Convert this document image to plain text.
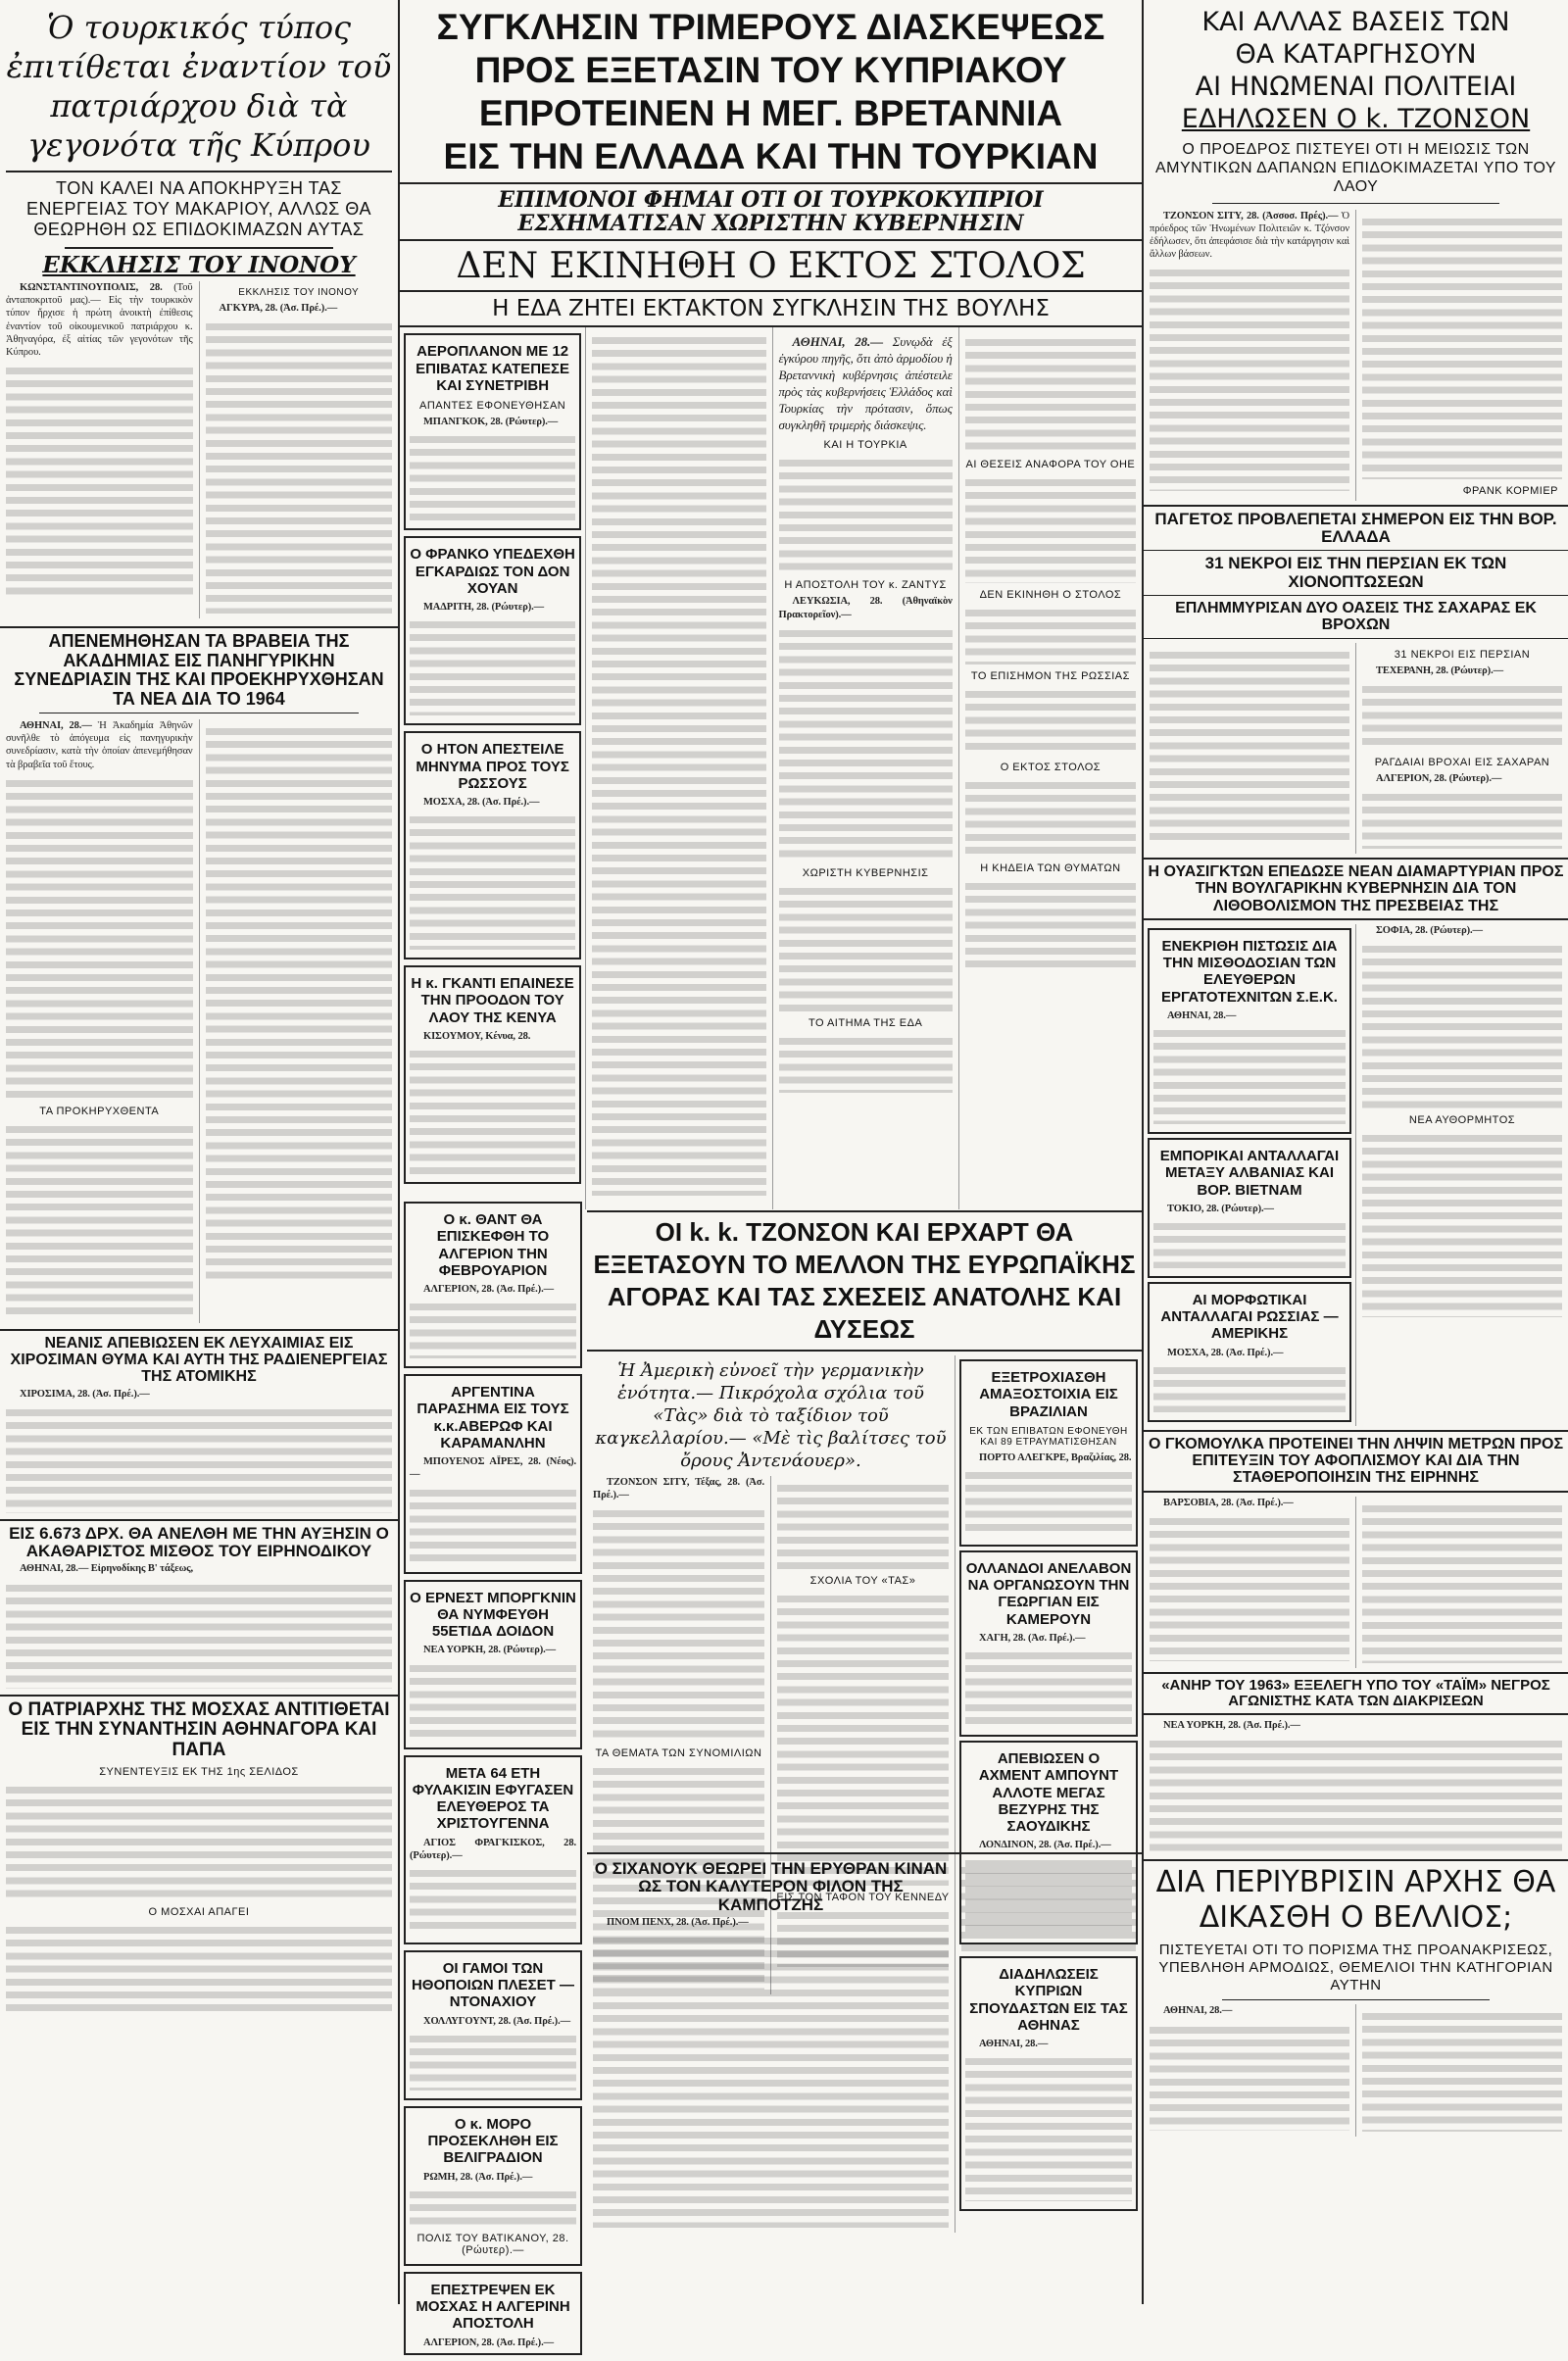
Ὁ τουρκικός τύπος ἐπιτίθεται ἐναντίον τοῦ πατριάρχου διὰ τὰ γεγονότα τῆς Κύπρου

ΤΟΝ ΚΑΛΕΙ ΝΑ ΑΠΟΚΗΡΥΞΗ ΤΑΣ ΕΝΕΡΓΕΙΑΣ ΤΟΥ ΜΑΚΑΡΙΟΥ, ΑΛΛΩΣ ΘΑ ΘΕΩΡΗΘΗ ΩΣ ΕΠΙΔΟΚΙΜΑΖΩΝ ΑΥΤΑΣ

ΕΚΚΛΗΣΙΣ ΤΟΥ ΙΝΟΝΟΥ

ΚΩΝΣΤΑΝΤΙΝΟΥΠΟΛΙΣ, 28. (Τοῦ ἀνταποκριτοῦ μας).— Εἰς τὴν τουρκικὸν τύπον ἤρχισε ἡ πρώτη ἀνοικτὴ ἐπίθεσις ἐναντίον τοῦ οἰκουμενικοῦ πατριάρχου κ. Ἀθηναγόρα, ἐξ αἰτίας τῶν γεγονότων τῆς Κύπρου.

ΕΚΚΛΗΣΙΣ ΤΟΥ ΙΝΟΝΟΥ

ΑΓΚΥΡΑ, 28. (Ἀσ. Πρέ.).—

ΑΠΕΝΕΜΗΘΗΣΑΝ ΤΑ ΒΡΑΒΕΙΑ ΤΗΣ ΑΚΑΔΗΜΙΑΣ ΕΙΣ ΠΑΝΗΓΥΡΙΚΗΝ ΣΥΝΕΔΡΙΑΣΙΝ ΤΗΣ ΚΑΙ ΠΡΟΕΚΗΡΥΧΘΗΣΑΝ ΤΑ ΝΕΑ ΔΙΑ ΤΟ 1964

ΑΘΗΝΑΙ, 28.— Ἡ Ἀκαδημία Ἀθηνῶν συνῆλθε τὸ ἀπόγευμα εἰς πανηγυρικὴν συνεδρίασιν, κατὰ τὴν ὁποίαν ἀπενεμήθησαν τὰ βραβεῖα τοῦ ἔτους.

ΤΑ ΠΡΟΚΗΡΥΧΘΕΝΤΑ

ΝΕΑΝΙΣ ΑΠΕΒΙΩΣΕΝ ΕΚ ΛΕΥΧΑΙΜΙΑΣ ΕΙΣ ΧΙΡΟΣΙΜΑΝ ΘΥΜΑ ΚΑΙ ΑΥΤΗ ΤΗΣ ΡΑΔΙΕΝΕΡΓΕΙΑΣ ΤΗΣ ΑΤΟΜΙΚΗΣ

ΧΙΡΟΣΙΜΑ, 28. (Ἀσ. Πρέ.).—

ΕΙΣ 6.673 ΔΡΧ. ΘΑ ΑΝΕΛΘΗ ΜΕ ΤΗΝ ΑΥΞΗΣΙΝ Ο ΑΚΑΘΑΡΙΣΤΟΣ ΜΙΣΘΟΣ ΤΟΥ ΕΙΡΗΝΟΔΙΚΟΥ

ΑΘΗΝΑΙ, 28.— Εἰρηνοδίκης Β' τάξεως,

Ο ΠΑΤΡΙΑΡΧΗΣ ΤΗΣ ΜΟΣΧΑΣ ΑΝΤΙΤΙΘΕΤΑΙ ΕΙΣ ΤΗΝ ΣΥΝΑΝΤΗΣΙΝ ΑΘΗΝΑΓΟΡΑ ΚΑΙ ΠΑΠΑ

ΣΥΝΕΝΤΕΥΞΙΣ ΕΚ ΤΗΣ 1ης ΣΕΛΙΔΟΣ

Ο ΜΟΣΧΑΙ ΑΠΑΓΕΙ

ΣΥΓΚΛΗΣΙΝ ΤΡΙΜΕΡΟΥΣ ΔΙΑΣΚΕΨΕΩΣ

ΠΡΟΣ ΕΞΕΤΑΣΙΝ ΤΟΥ ΚΥΠΡΙΑΚΟΥ

ΕΠΡΟΤΕΙΝΕΝ Η ΜΕΓ. ΒΡΕΤΑΝΝΙΑ

ΕΙΣ ΤΗΝ ΕΛΛΑΔΑ ΚΑΙ ΤΗΝ ΤΟΥΡΚΙΑΝ

ΕΠΙΜΟΝΟΙ ΦΗΜΑΙ ΟΤΙ ΟΙ ΤΟΥΡΚΟΚΥΠΡΙΟΙ

ΕΣΧΗΜΑΤΙΣΑΝ ΧΩΡΙΣΤΗΝ ΚΥΒΕΡΝΗΣΙΝ

ΔΕΝ ΕΚΙΝΗΘΗ Ο ΕΚΤΟΣ ΣΤΟΛΟΣ

Η ΕΔΑ ΖΗΤΕΙ ΕΚΤΑΚΤΟΝ ΣΥΓΚΛΗΣΙΝ ΤΗΣ ΒΟΥΛΗΣ

ΑΕΡΟΠΛΑΝΟΝ ΜΕ 12 ΕΠΙΒΑΤΑΣ ΚΑΤΕΠΕΣΕ ΚΑΙ ΣΥΝΕΤΡΙΒΗ

ΑΠΑΝΤΕΣ ΕΦΟΝΕΥΘΗΣΑΝ

ΜΠΑΝΓΚΟΚ, 28. (Ρώυτερ).—

Ο ΦΡΑΝΚΟ ΥΠΕΔΕΧΘΗ ΕΓΚΑΡΔΙΩΣ ΤΟΝ ΔΟΝ ΧΟΥΑΝ

ΜΑΔΡΙΤΗ, 28. (Ρώυτερ).—

Ο ΗΤΟΝ ΑΠΕΣΤΕΙΛΕ ΜΗΝΥΜΑ ΠΡΟΣ ΤΟΥΣ ΡΩΣΣΟΥΣ

ΜΟΣΧΑ, 28. (Ἀσ. Πρέ.).—

Η κ. ΓΚΑΝΤΙ ΕΠΑΙΝΕΣΕ ΤΗΝ ΠΡΟΟΔΟΝ ΤΟΥ ΛΑΟΥ ΤΗΣ ΚΕΝΥΑ

ΚΙΣΟΥΜΟΥ, Κένυα, 28.

ΑΘΗΝΑΙ, 28.— Συνῳδὰ ἐξ ἐγκύρου πηγῆς, ὅτι ἀπὸ ἀρμοδίου ἡ Βρεταννικὴ κυβέρνησις ἀπέστειλε πρὸς τὰς κυβερνήσεις Ἑλλάδος καὶ Τουρκίας τὴν πρότασιν, ὅπως συγκληθῆ τριμερὴς διάσκεψις.

ΚΑΙ Η ΤΟΥΡΚΙΑ

Η ΑΠΟΣΤΟΛΗ ΤΟΥ κ. ΖΑΝΤΥΣ

ΛΕΥΚΩΣΙΑ, 28. (Ἀθηναϊκὸν Πρακτορεῖον).—

ΧΩΡΙΣΤΗ ΚΥΒΕΡΝΗΣΙΣ

ΤΟ ΑΙΤΗΜΑ ΤΗΣ ΕΔΑ

ΑΙ ΘΕΣΕΙΣ ΑΝΑΦΟΡΑ ΤΟΥ ΟΗΕ

ΔΕΝ ΕΚΙΝΗΘΗ Ο ΣΤΟΛΟΣ

ΤΟ ΕΠΙΣΗΜΟΝ ΤΗΣ ΡΩΣΣΙΑΣ

Ο ΕΚΤΟΣ ΣΤΟΛΟΣ

Η ΚΗΔΕΙΑ ΤΩΝ ΘΥΜΑΤΩΝ

Ο κ. ΘΑΝΤ ΘΑ ΕΠΙΣΚΕΦΘΗ ΤΟ ΑΛΓΕΡΙΟΝ ΤΗΝ ΦΕΒΡΟΥΑΡΙΟΝ

ΑΛΓΕΡΙΟΝ, 28. (Ἀσ. Πρέ.).—

ΑΡΓΕΝΤΙΝΑ ΠΑΡΑΣΗΜΑ ΕΙΣ ΤΟΥΣ κ.κ.ΑΒΕΡΩΦ ΚΑΙ ΚΑΡΑΜΑΝΛΗΝ

ΜΠΟΥΕΝΟΣ ΑΪΡΕΣ, 28. (Νέος).—

Ο ΕΡΝΕΣΤ ΜΠΟΡΓΚΝΙΝ ΘΑ ΝΥΜΦΕΥΘΗ 55ΕΤΙΔΑ ΔΟΙΔΟΝ

ΝΕΑ ΥΟΡΚΗ, 28. (Ρώυτερ).—

ΜΕΤΑ 64 ΕΤΗ ΦΥΛΑΚΙΣΙΝ ΕΦΥΓΑΣΕΝ ΕΛΕΥΘΕΡΟΣ ΤΑ ΧΡΙΣΤΟΥΓΕΝΝΑ

ΑΓΙΟΣ ΦΡΑΓΚΙΣΚΟΣ, 28. (Ρώυτερ).—

ΟΙ ΓΑΜΟΙ ΤΩΝ ΗΘΟΠΟΙΩΝ ΠΛΕΣΕΤ — ΝΤΟΝΑΧΙΟΥ

ΧΟΛΛΥΓΟΥΝΤ, 28. (Ἀσ. Πρέ.).—

Ο κ. ΜΟΡΟ ΠΡΟΣΕΚΛΗΘΗ ΕΙΣ ΒΕΛΙΓΡΑΔΙΟΝ

ΡΩΜΗ, 28. (Ἀσ. Πρέ.).—

ΠΟΛΙΣ ΤΟΥ ΒΑΤΙΚΑΝΟΥ, 28. (Ρώυτερ).—

ΕΠΕΣΤΡΕΨΕΝ ΕΚ ΜΟΣΧΑΣ Η ΑΛΓΕΡΙΝΗ ΑΠΟΣΤΟΛΗ

ΑΛΓΕΡΙΟΝ, 28. (Ἀσ. Πρέ.).—

ΟΙ k. k. ΤΖΟΝΣΟΝ ΚΑΙ ΕΡΧΑΡΤ ΘΑ ΕΞΕΤΑΣΟΥΝ ΤΟ ΜΕΛΛΟΝ ΤΗΣ ΕΥΡΩΠΑΪΚΗΣ ΑΓΟΡΑΣ ΚΑΙ ΤΑΣ ΣΧΕΣΕΙΣ ΑΝΑΤΟΛΗΣ ΚΑΙ ΔΥΣΕΩΣ

Ἡ Ἀμερικὴ εὐνοεῖ τὴν γερμανικὴν ἑνότητα.— Πικρόχολα σχόλια τοῦ «Τὰς» διὰ τὸ ταξίδιον τοῦ καγκελλαρίου.— «Μὲ τὶς βαλίτσες τοῦ ὄρους Ἀντενάουερ».

ΤΖΟΝΣΟΝ ΣΙΤΥ, Τέξας, 28. (Ἀσ. Πρέ.).—

ΤΑ ΘΕΜΑΤΑ ΤΩΝ ΣΥΝΟΜΙΛΙΩΝ

ΣΧΟΛΙΑ ΤΟΥ «ΤΑΣ»

ΕΙΣ ΤΟΝ ΤΑΦΟΝ ΤΟΥ ΚΕΝΝΕΔΥ

ΕΞΕΤΡΟΧΙΑΣΘΗ ΑΜΑΞΟΣΤΟΙΧΙΑ ΕΙΣ ΒΡΑΖΙΛΙΑΝ

ΕΚ ΤΩΝ ΕΠΙΒΑΤΩΝ ΕΦΟΝΕΥΘΗ ΚΑΙ 89 ΕΤΡΑΥΜΑΤΙΣΘΗΣΑΝ

ΠΟΡΤΟ ΑΛΕΓΚΡΕ, Βραζιλίας, 28.

ΟΛΛΑΝΔΟΙ ΑΝΕΛΑΒΟΝ ΝΑ ΟΡΓΑΝΩΣΟΥΝ ΤΗΝ ΓΕΩΡΓΙΑΝ ΕΙΣ ΚΑΜΕΡΟΥΝ

ΧΑΓΗ, 28. (Ἀσ. Πρέ.).—

ΑΠΕΒΙΩΣΕΝ Ο ΑΧΜΕΝΤ ΑΜΠΟΥΝΤ ΑΛΛΟΤΕ ΜΕΓΑΣ ΒΕΖΥΡΗΣ ΤΗΣ ΣΑΟΥΔΙΚΗΣ

ΛΟΝΔΙΝΟΝ, 28. (Ἀσ. Πρέ.).—

Ο ΣΙΧΑΝΟΥΚ ΘΕΩΡΕΙ ΤΗΝ ΕΡΥΘΡΑΝ ΚΙΝΑΝ ΩΣ ΤΟΝ ΚΑΛΥΤΕΡΟΝ ΦΙΛΟΝ ΤΗΣ ΚΑΜΠΟΤΖΗΣ

ΠΝΟΜ ΠΕΝΧ, 28. (Ἀσ. Πρέ.).—

ΔΙΑΔΗΛΩΣΕΙΣ ΚΥΠΡΙΩΝ ΣΠΟΥΔΑΣΤΩΝ ΕΙΣ ΤΑΣ ΑΘΗΝΑΣ

ΑΘΗΝΑΙ, 28.—

ΚΑΙ ΑΛΛΑΣ ΒΑΣΕΙΣ ΤΩΝ

ΘΑ ΚΑΤΑΡΓΗΣΟΥΝ

ΑΙ ΗΝΩΜΕΝΑΙ ΠΟΛΙΤΕΙΑΙ

ΕΔΗΛΩΣΕΝ Ο k. ΤΖΟΝΣΟΝ

Ο ΠΡΟΕΔΡΟΣ ΠΙΣΤΕΥΕΙ ΟΤΙ Η ΜΕΙΩΣΙΣ ΤΩΝ ΑΜΥΝΤΙΚΩΝ ΔΑΠΑΝΩΝ ΕΠΙΔΟΚΙΜΑΖΕΤΑΙ ΥΠΟ ΤΟΥ ΛΑΟΥ

ΤΖΟΝΣΟΝ ΣΙΤΥ, 28. (Ἀσσοσ. Πρές).— Ὁ πρόεδρος τῶν Ἡνωμένων Πολιτειῶν κ. Τζόνσον ἐδήλωσεν, ὅτι ἀπεφάσισε διὰ τὴν κατάργησιν καὶ ἄλλων βάσεων.

ΦΡΑΝΚ ΚΟΡΜΙΕΡ

ΠΑΓΕΤΟΣ ΠΡΟΒΛΕΠΕΤΑΙ ΣΗΜΕΡΟΝ ΕΙΣ ΤΗΝ ΒΟΡ. ΕΛΛΑΔΑ

31 ΝΕΚΡΟΙ ΕΙΣ ΤΗΝ ΠΕΡΣΙΑΝ ΕΚ ΤΩΝ ΧΙΟΝΟΠΤΩΣΕΩΝ

ΕΠΛΗΜΜΥΡΙΣΑΝ ΔΥΟ ΟΑΣΕΙΣ ΤΗΣ ΣΑΧΑΡΑΣ ΕΚ ΒΡΟΧΩΝ

31 ΝΕΚΡΟΙ ΕΙΣ ΠΕΡΣΙΑΝ

ΤΕΧΕΡΑΝΗ, 28. (Ρώυτερ).—

ΡΑΓΔΑΙΑΙ ΒΡΟΧΑΙ ΕΙΣ ΣΑΧΑΡΑΝ

ΑΛΓΕΡΙΟΝ, 28. (Ρώυτερ).—

Η ΟΥΑΣΙΓΚΤΩΝ ΕΠΕΔΩΣΕ ΝΕΑΝ ΔΙΑΜΑΡΤΥΡΙΑΝ ΠΡΟΣ ΤΗΝ ΒΟΥΛΓΑΡΙΚΗΝ ΚΥΒΕΡΝΗΣΙΝ ΔΙΑ ΤΟΝ ΛΙΘΟΒΟΛΙΣΜΟΝ ΤΗΣ ΠΡΕΣΒΕΙΑΣ ΤΗΣ

ΕΝΕΚΡΙΘΗ ΠΙΣΤΩΣΙΣ ΔΙΑ ΤΗΝ ΜΙΣΘΟΔΟΣΙΑΝ ΤΩΝ ΕΛΕΥΘΕΡΩΝ ΕΡΓΑΤΟΤΕΧΝΙΤΩΝ Σ.Ε.Κ.

ΑΘΗΝΑΙ, 28.—

ΕΜΠΟΡΙΚΑΙ ΑΝΤΑΛΛΑΓΑΙ ΜΕΤΑΞΥ ΑΛΒΑΝΙΑΣ ΚΑΙ ΒΟΡ. ΒΙΕΤΝΑΜ

ΤΟΚΙΟ, 28. (Ρώυτερ).—

ΑΙ ΜΟΡΦΩΤΙΚΑΙ ΑΝΤΑΛΛΑΓΑΙ ΡΩΣΣΙΑΣ — ΑΜΕΡΙΚΗΣ

ΜΟΣΧΑ, 28. (Ἀσ. Πρέ.).—

ΣΟΦΙΑ, 28. (Ρώυτερ).—

ΝΕΑ ΑΥΘΟΡΜΗΤΟΣ

Ο ΓΚΟΜΟΥΛΚΑ ΠΡΟΤΕΙΝΕΙ ΤΗΝ ΛΗΨΙΝ ΜΕΤΡΩΝ ΠΡΟΣ ΕΠΙΤΕΥΞΙΝ ΤΟΥ ΑΦΟΠΛΙΣΜΟΥ ΚΑΙ ΔΙΑ ΤΗΝ ΣΤΑΘΕΡΟΠΟΙΗΣΙΝ ΤΗΣ ΕΙΡΗΝΗΣ

ΒΑΡΣΟΒΙΑ, 28. (Ἀσ. Πρέ.).—

«ΑΝΗΡ ΤΟΥ 1963» ΕΞΕΛΕΓΗ ΥΠΟ ΤΟΥ «ΤΑΪΜ» ΝΕΓΡΟΣ ΑΓΩΝΙΣΤΗΣ ΚΑΤΑ ΤΩΝ ΔΙΑΚΡΙΣΕΩΝ

ΝΕΑ ΥΟΡΚΗ, 28. (Ἀσ. Πρέ.).—

ΔΙΑ ΠΕΡΙΥΒΡΙΣΙΝ ΑΡΧΗΣ ΘΑ ΔΙΚΑΣΘΗ Ο ΒΕΛΛΙΟΣ;

ΠΙΣΤΕΥΕΤΑΙ ΟΤΙ ΤΟ ΠΟΡΙΣΜΑ ΤΗΣ ΠΡΟΑΝΑΚΡΙΣΕΩΣ, ΥΠΕΒΛΗΘΗ ΑΡΜΟΔΙΩΣ, ΘΕΜΕΛΙΟΙ ΤΗΝ ΚΑΤΗΓΟΡΙΑΝ ΑΥΤΗΝ

ΑΘΗΝΑΙ, 28.—
